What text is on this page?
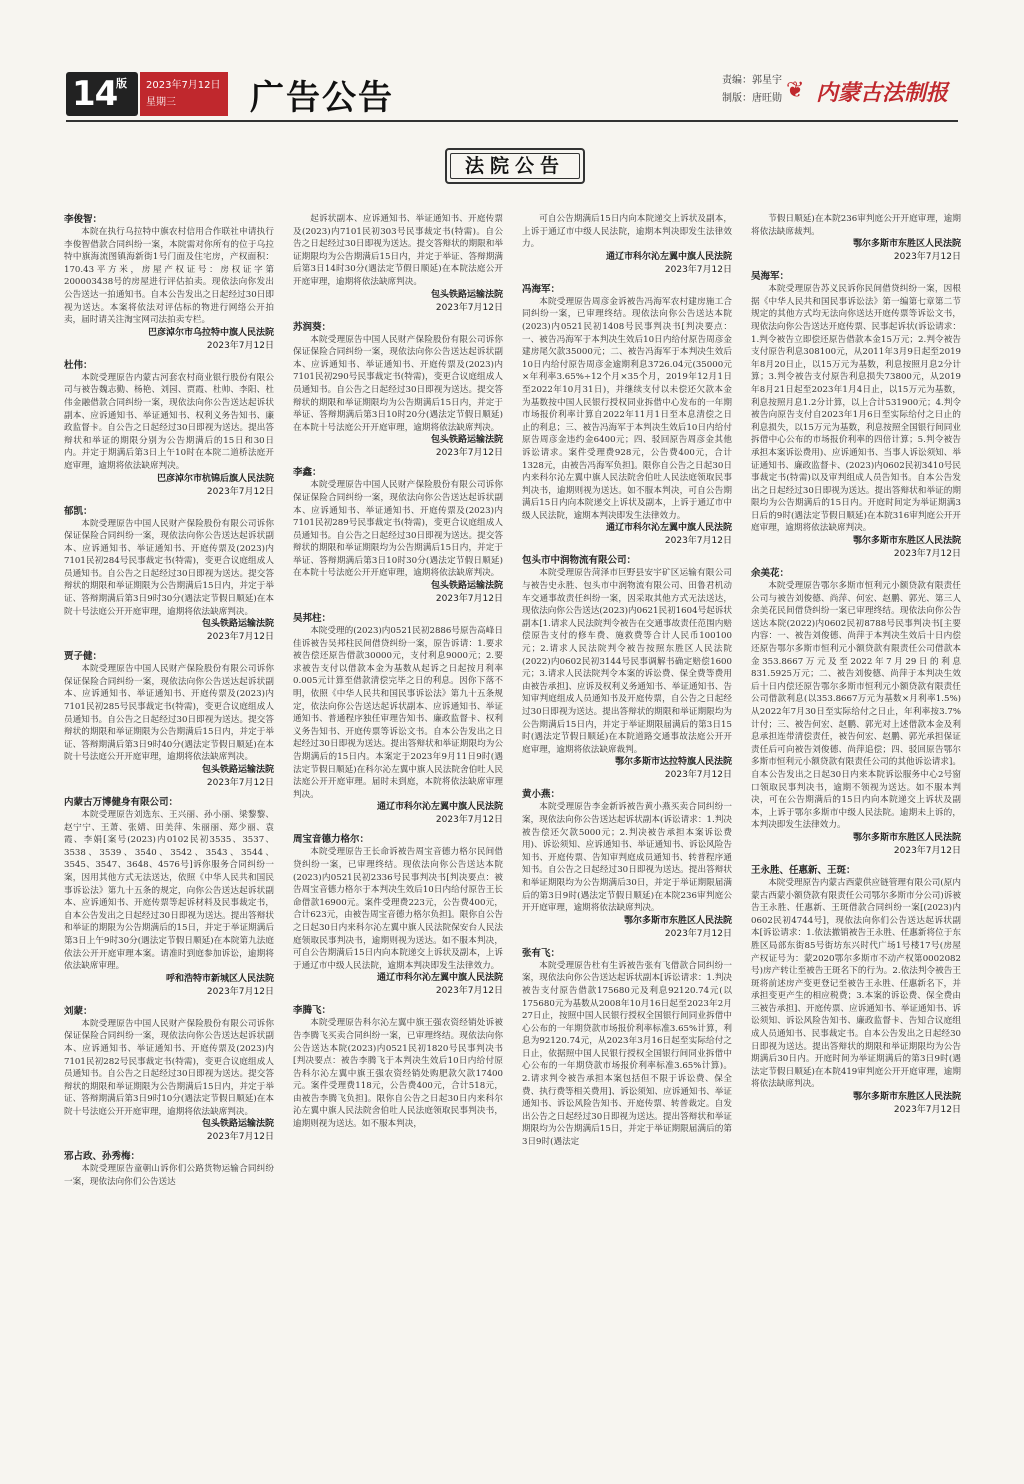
14
版	2023年7月12日
星期三	广告公告	责编：郭星宇
制版：唐旺勋 ❦ 内蒙古法制报
法院公告
李俊智：
本院在执行乌拉特中旗农村信用合作联社申请执行李俊智借款合同纠纷一案，本院需对你所有的位于乌拉特中旗海流图镇海新街1号门面及住宅房，产权面积：170.43平方米，房屋产权证号：房权证字第200003438号的房屋进行评估拍卖。现依法向你发出公告送达一拍通知书。自本公告发出之日起经过30日即视为送达。本案将依法对评估标的物进行网络公开拍卖，届时请关注淘宝网司法拍卖专栏。
巴彦淖尔市乌拉特中旗人民法院
2023年7月12日
杜伟：
本院受理原告内蒙古河套农村商业银行股份有限公司与被告魏志勤、杨艳、刘园、贾霞、杜帅、李阳、杜伟金融借款合同纠纷一案，现依法向你公告送达起诉状副本、应诉通知书、举证通知书、权利义务告知书、廉政监督卡。自公告之日起经过30日即视为送达。提出答辩状和举证的期限分别为公告期满后的15日和30日内。并定于期满后第3日上午10时在本院二道桥法庭开庭审理，逾期将依法缺席判决。
巴彦淖尔市杭锦后旗人民法院
2023年7月12日
郁凯：
本院受理原告中国人民财产保险股份有限公司诉你保证保险合同纠纷一案，现依法向你公告送达起诉状副本、应诉通知书、举证通知书、开庭传票及(2023)内7101民初284号民事裁定书(特需)，变更合议庭组成人员通知书。自公告之日起经过30日即视为送达。提交答辩状的期限和举证期限为公告期满后15日内，并定于举证、答辩期满后第3日9时30分(遇法定节假日顺延)在本院十号法庭公开开庭审理，逾期将依法缺席判决。
包头铁路运输法院
2023年7月12日
贾子健：
本院受理原告中国人民财产保险股份有限公司诉你保证保险合同纠纷一案，现依法向你公告送达起诉状副本、应诉通知书、举证通知书、开庭传票及(2023)内7101民初285号民事裁定书(特需)，变更合议庭组成人员通知书。自公告之日起经过30日即视为送达。提交答辩状的期限和举证期限为公告期满后15日内，并定于举证、答辩期满后第3日9时40分(遇法定节假日顺延)在本院十号法庭公开开庭审理，逾期将依法缺席判决。
包头铁路运输法院
2023年7月12日
内蒙古万博健身有限公司：
本院受理原告刘选东、王兴丽、孙小丽、梁黎黎、赵宁宁、王萧、张婧、田美萍、朱丽丽、郑少丽、袁霞、李娟[案号(2023)内0102民初3535、3537、3538、3539、3540、3542、3543、3544、3545、3547、3648、4576号]诉你服务合同纠纷一案，因用其他方式无法送达，依照《中华人民共和国民事诉讼法》第九十五条的规定，向你公告送达起诉状副本、应诉通知书、开庭传票等起诉材料及民事裁定书，自本公告发出之日起经过30日即视为送达。提出答辩状和举证的期限为公告期满后的15日，并定于举证期满后第3日上午9时30分(遇法定节假日顺延)在本院第九法庭依法公开开庭审理本案。请准时到庭参加诉讼，逾期将依法缺席审理。
呼和浩特市新城区人民法院
2023年7月12日
刘蒙：
本院受理原告中国人民财产保险股份有限公司诉你保证保险合同纠纷一案，现依法向你公告送达起诉状副本、应诉通知书、举证通知书、开庭传票及(2023)内7101民初282号民事裁定书(特需)，变更合议庭组成人员通知书。自公告之日起经过30日即视为送达。提交答辩状的期限和举证期限为公告期满后15日内，并定于举证、答辩期满后第3日9时10分(遇法定节假日顺延)在本院十号法庭公开开庭审理，逾期将依法缺席判决。
包头铁路运输法院
2023年7月12日
邪占政、孙秀梅：
本院受理原告童朝山诉你们公路货物运输合同纠纷一案，现依法向你们公告送达
起诉状副本、应诉通知书、举证通知书、开庭传票及(2023)内7101民初303号民事裁定书(特需)。自公告之日起经过30日即视为送达。提交答辩状的期限和举证期限均为公告期满后15日内，并定于举证、答辩期满后第3日14时30分(遇法定节假日顺延)在本院法庭公开开庭审理，逾期将依法缺席判决。
包头铁路运输法院
2023年7月12日
苏润葵：
本院受理原告中国人民财产保险股份有限公司诉你保证保险合同纠纷一案，现依法向你公告送达起诉状副本、应诉通知书、举证通知书、开庭传票及(2023)内7101民初290号民事裁定书(特需)，变更合议庭组成人员通知书。自公告之日起经过30日即视为送达。提交答辩状的期限和举证期限均为公告期满后15日内，并定于举证、答辩期满后第3日10时20分(遇法定节假日顺延)在本院十号法庭公开开庭审理，逾期将依法缺席判决。
包头铁路运输法院
2023年7月12日
李鑫：
本院受理原告中国人民财产保险股份有限公司诉你保证保险合同纠纷一案，现依法向你公告送达起诉状副本、应诉通知书、举证通知书、开庭传票及(2023)内7101民初289号民事裁定书(特需)，变更合议庭组成人员通知书。自公告之日起经过30日即视为送达。提交答辩状的期限和举证期限均为公告期满后15日内，并定于举证、答辩期满后第3日10时30分(遇法定节假日顺延)在本院十号法庭公开开庭审理，逾期将依法缺席判决。
包头铁路运输法院
2023年7月12日
吴邦柱：
本院受理的(2023)内0521民初2886号原告高峰日佳诉被告吴邦柱民间借贷纠纷一案，原告诉请：1.要求被告偿还原告借款30000元，支付利息9000元；2.要求被告支付以借款本金为基数从起诉之日起按月利率0.005元计算至借款清偿完毕之日的利息。因你下落不明，依照《中华人民共和国民事诉讼法》第九十五条规定，依法向你公告送达起诉状副本、应诉通知书、举证通知书、普通程序独任审理告知书、廉政监督卡、权利义务告知书、开庭传票等诉讼文书。自本公告发出之日起经过30日即视为送达。提出答辩状和举证期限均为公告期满后的15日内。本案定于2023年9月11日9时(遇法定节假日顺延)在科尔沁左翼中旗人民法院舍伯吐人民法庭公开开庭审理。届时未到庭，本院将依法缺席审理判决。
通辽市科尔沁左翼中旗人民法院
2023年7月12日
周宝音德力格尔：
本院受理原告王长命诉被告周宝音德力格尔民间借贷纠纷一案，已审理终结。现依法向你公告送达本院(2023)内0521民初2336号民事判决书[判决要点：被告周宝音德力格尔于本判决生效后10日内给付原告王长命借款16900元。案件受理费223元，公告费400元，合计623元，由被告周宝音德力格尔负担]。限你自公告之日起30日内来科尔沁左翼中旗人民法院保安台人民法庭领取民事判决书，逾期则视为送达。如不服本判决，可自公告期满后15日内向本院递交上诉状及副本，上诉于通辽市中级人民法院，逾期本判决即发生法律效力。
通辽市科尔沁左翼中旗人民法院
2023年7月12日
李腾飞：
本院受理原告科尔沁左翼中旗王强农资经销处诉被告李腾飞买卖合同纠纷一案，已审理终结。现依法向你公告送达本院(2023)内0521民初1820号民事判决书[判决要点：被告李腾飞于本判决生效后10日内给付原告科尔沁左翼中旗王强农资经销处购肥款欠款17400元。案件受理费118元，公告费400元，合计518元，由被告李腾飞负担]。限你自公告之日起30日内来科尔沁左翼中旗人民法院舍伯吐人民法庭领取民事判决书，逾期则视为送达。如不服本判决，
可自公告期满后15日内向本院递交上诉状及副本，上诉于通辽市中级人民法院，逾期本判决即发生法律效力。
通辽市科尔沁左翼中旗人民法院
2023年7月12日
冯海军：
本院受理原告周彦金诉被告冯海军农村建房施工合同纠纷一案，已审理终结。现依法向你公告送达本院(2023)内0521民初1408号民事判决书[判决要点：一、被告冯海军于本判决生效后10日内给付原告周彦金建房尾欠款35000元；二、被告冯海军于本判决生效后10日内给付原告周彦金逾期利息3726.04元(35000元×年利率3.65%÷12个月×35个月，2019年12月1日至2022年10月31日)，并继续支付以未偿还欠款本金为基数按中国人民银行授权同业拆借中心发布的一年期市场报价利率计算自2022年11月1日至本息清偿之日止的利息；三、被告冯海军于本判决生效后10日内给付原告周彦金违约金6400元；四、驳回原告周彦金其他诉讼请求。案件受理费928元，公告费400元，合计1328元，由被告冯海军负担]。限你自公告之日起30日内来科尔沁左翼中旗人民法院舍伯吐人民法庭领取民事判决书，逾期则视为送达。如不服本判决，可自公告期满后15日内向本院递交上诉状及副本，上诉于通辽市中级人民法院，逾期本判决即发生法律效力。
通辽市科尔沁左翼中旗人民法院
2023年7月12日
包头市中润物流有限公司：
本院受理原告菏泽市巨野县安宇矿区运输有限公司与被告史永胜、包头市中润物流有限公司、田鲁君机动车交通事故责任纠纷一案，因采取其他方式无法送达，现依法向你公告送达(2023)内0621民初1604号起诉状副本[1.请求人民法院判令被告在交通事故责任范围内赔偿原告支付的修车费、施救费等合计人民币100100元；2.请求人民法院判令被告按照东胜区人民法院(2022)内0602民初3144号民事调解书确定赔偿1600元；3.请求人民法院判令本案的诉讼费、保全费等费用由被告承担]、应诉及权利义务通知书、举证通知书、告知审判庭组成人员通知书及开庭传票，自公告之日起经过30日即视为送达。提出答辩状的期限和举证期限均为公告期满后15日内，并定于举证期限届满后的第3日15时(遇法定节假日顺延)在本院道路交通事故法庭公开开庭审理，逾期将依法缺席裁判。
鄂尔多斯市达拉特旗人民法院
2023年7月12日
黄小燕：
本院受理原告李金新诉被告黄小燕买卖合同纠纷一案，现依法向你公告送达起诉状副本(诉讼请求：1.判决被告偿还欠款5000元；2.判决被告承担本案诉讼费用)、诉讼须知、应诉通知书、举证通知书、诉讼风险告知书、开庭传票、告知审判庭成员通知书、转普程序通知书。自公告之日起经过30日即视为送达。提出答辩状和举证期限均为公告期满后30日，并定于举证期限届满后的第3日9时(遇法定节假日顺延)在本院236审判庭公开开庭审理，逾期将依法缺席判决。
鄂尔多斯市东胜区人民法院
2023年7月12日
张有飞：
本院受理原告杜有生诉被告张有飞借款合同纠纷一案，现依法向你公告送达起诉状副本[诉讼请求：1.判决被告支付原告借款175680元及利息92120.74元(以175680元为基数从2008年10月16日起至2023年2月27日止，按照中国人民银行授权全国银行间同业拆借中心公布的一年期贷款市场报价利率标准3.65%计算，利息为92120.74元，从2023年3月16日起至实际给付之日止，依据照中国人民银行授权全国银行间同业拆借中心公布的一年期贷款市场报价利率标准3.65%计算)。2.请求判令被告承担本案包括但不限于诉讼费、保全费、执行费等相关费用]、诉讼须知、应诉通知书、举证通知书、诉讼风险告知书、开庭传票、转普裁定。自发出公告之日起经过30日即视为送达。提出答辩状和举证期限均为公告期满后15日，并定于举证期限届满后的第3日9时(遇法定
节假日顺延)在本院236审判庭公开开庭审理，逾期将依法缺席裁判。
鄂尔多斯市东胜区人民法院
2023年7月12日
吴海军：
本院受理原告苏义民诉你民间借贷纠纷一案，因根据《中华人民共和国民事诉讼法》第一编第七章第二节规定的其他方式均无法向你送达开庭传票等诉讼文书，现依法向你公告送达开庭传票、民事起诉状(诉讼请求：1.判令被告立即偿还原告借款本金15万元；2.判令被告支付原告利息308100元，从2011年3月9日起至2019年8月20日止，以15万元为基数，利息按照月息2分计算；3.判令被告支付原告利息损失73800元，从2019年8月21日起至2023年1月4日止，以15万元为基数，利息按照月息1.2分计算，以上合计531900元；4.判令被告向原告支付自2023年1月6日至实际给付之日止的利息损失，以15万元为基数，利息按照全国银行间同业拆借中心公布的市场报价利率的四倍计算；5.判令被告承担本案诉讼费用)、应诉通知书、当事人诉讼须知、举证通知书、廉政监督卡、(2023)内0602民初3410号民事裁定书(特需)以及审判组成人员告知书。自本公告发出之日起经过30日即视为送达。提出答辩状和举证的期限均为公告期满后的15日内。开庭时间定为举证期满3日后的9时(遇法定节假日顺延)在本院316审判庭公开开庭审理，逾期将依法缺席判决。
鄂尔多斯市东胜区人民法院
2023年7月12日
余美花：
本院受理原告鄂尔多斯市恒利元小额贷款有限责任公司与被告刘俊德、尚萍、何宏、赵鹏、郭光、第三人余美花民间借贷纠纷一案已审理终结。现依法向你公告送达本院(2022)内0602民初8788号民事判决书[主要内容：一、被告刘俊德、尚萍于本判决生效后十日内偿还原告鄂尔多斯市恒利元小额贷款有限责任公司借款本金353.8667万元及至2022年7月29日的利息831.5925万元；二、被告刘俊德、尚萍于本判决生效后十日内偿还原告鄂尔多斯市恒利元小额贷款有限责任公司借款利息(以353.8667万元为基数×月利率1.5%)从2022年7月30日至实际给付之日止，年利率按3.7%计付；三、被告何宏、赵鹏、郭光对上述借款本金及利息承担连带清偿责任，被告何宏、赵鹏、郭光承担保证责任后可向被告刘俊德、尚萍追偿；四、驳回原告鄂尔多斯市恒利元小额贷款有限责任公司的其他诉讼请求]。自本公告发出之日起30日内来本院诉讼服务中心2号窗口领取民事判决书，逾期不领视为送达。如不服本判决，可在公告期满后的15日内向本院递交上诉状及副本，上诉于鄂尔多斯市中级人民法院。逾期未上诉的，本判决即发生法律效力。
鄂尔多斯市东胜区人民法院
2023年7月12日
王永胜、任惠新、王斑：
本院受理原告内蒙古西蒙供应链管理有限公司(原内蒙古西蒙小额贷款有限责任公司鄂尔多斯市分公司)诉被告王永胜、任惠新、王斑借款合同纠纷一案[(2023)内0602民初4744号]，现依法向你们公告送达起诉状副本[诉讼请求：1.依法撤销被告王永胜、任惠新将位于东胜区局部东街85号街坊东兴时代广场1号楼17号(房屋产权证号为：蒙2020鄂尔多斯市不动产权第0002082号)房产转让至被告王斑名下的行为。2.依法判令被告王斑将前述房产变更登记至被告王永胜、任惠新名下，并承担变更产生的相应税费；3.本案的诉讼费、保全费由三被告承担]、开庭传票、应诉通知书、举证通知书、诉讼须知、诉讼风险告知书、廉政监督卡、告知合议庭组成人员通知书、民事裁定书。自本公告发出之日起经30日即视为送达。提出答辩状的期限和举证期限均为公告期满后30日内。开庭时间为举证期满后的第3日9时(遇法定节假日顺延)在本院419审判庭公开开庭审理，逾期将依法缺席判决。
鄂尔多斯市东胜区人民法院
2023年7月12日
